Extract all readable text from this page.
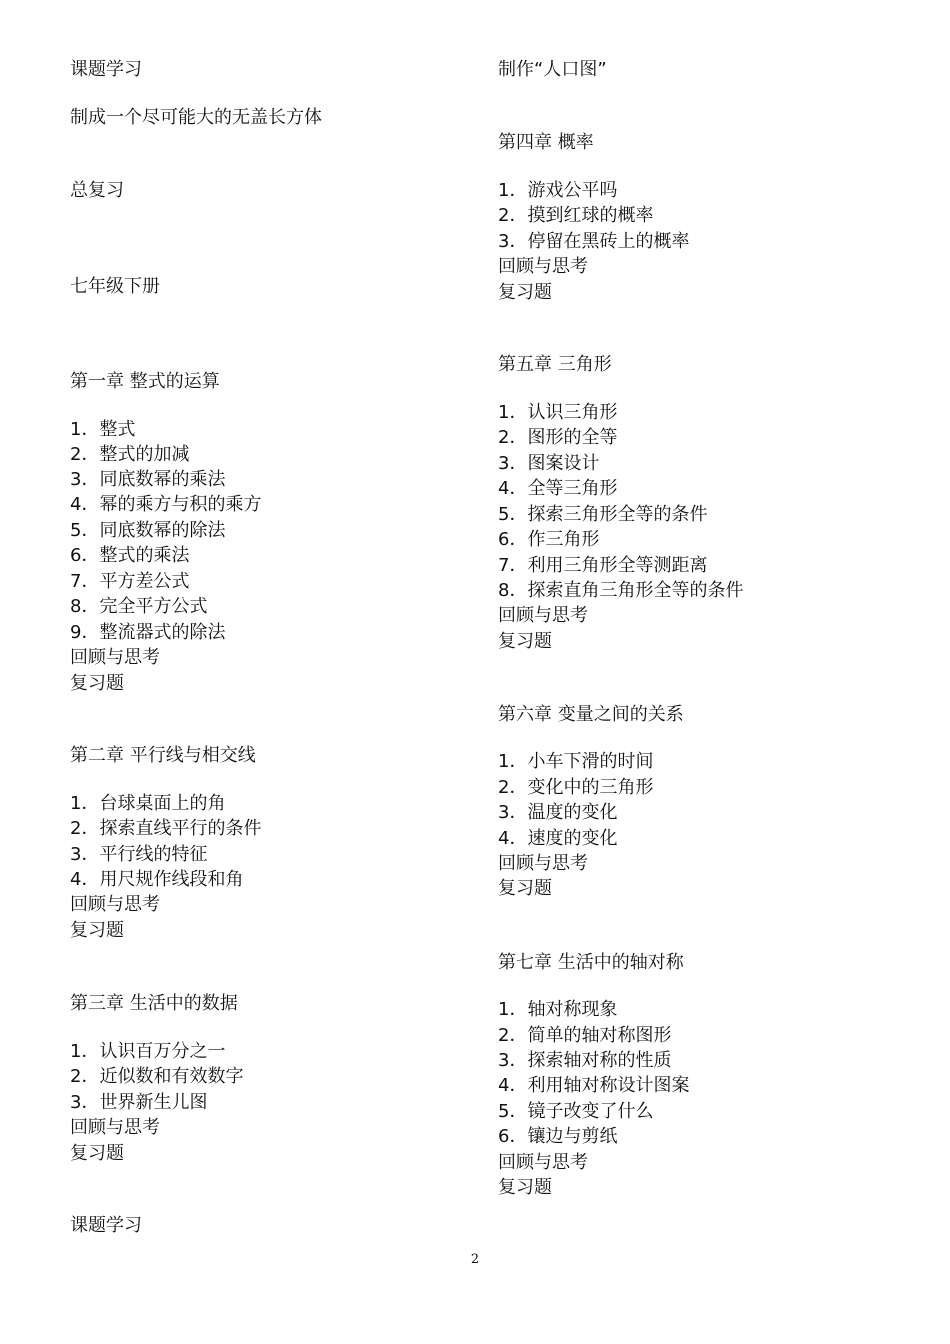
课题学习
制成一个尽可能大的无盖长方体
总复习
七年级下册
第一章 整式的运算
1．整式
2．整式的加减
3．同底数幂的乘法
4．幂的乘方与积的乘方
5．同底数幂的除法
6．整式的乘法
7．平方差公式
8．完全平方公式
9．整流器式的除法
回顾与思考
复习题
第二章 平行线与相交线
1．台球桌面上的角
2．探索直线平行的条件
3．平行线的特征
4．用尺规作线段和角
回顾与思考
复习题
第三章 生活中的数据
1．认识百万分之一
2．近似数和有效数字
3．世界新生儿图
回顾与思考
复习题
课题学习
制作“人口图”
第四章 概率
1．游戏公平吗
2．摸到红球的概率
3．停留在黑砖上的概率
回顾与思考
复习题
第五章 三角形
1．认识三角形
2．图形的全等
3．图案设计
4．全等三角形
5．探索三角形全等的条件
6．作三角形
7．利用三角形全等测距离
8．探索直角三角形全等的条件
回顾与思考
复习题
第六章 变量之间的关系
1．小车下滑的时间
2．变化中的三角形
3．温度的变化
4．速度的变化
回顾与思考
复习题
第七章 生活中的轴对称
1．轴对称现象
2．简单的轴对称图形
3．探索轴对称的性质
4．利用轴对称设计图案
5．镜子改变了什么
6．镶边与剪纸
回顾与思考
复习题
2
